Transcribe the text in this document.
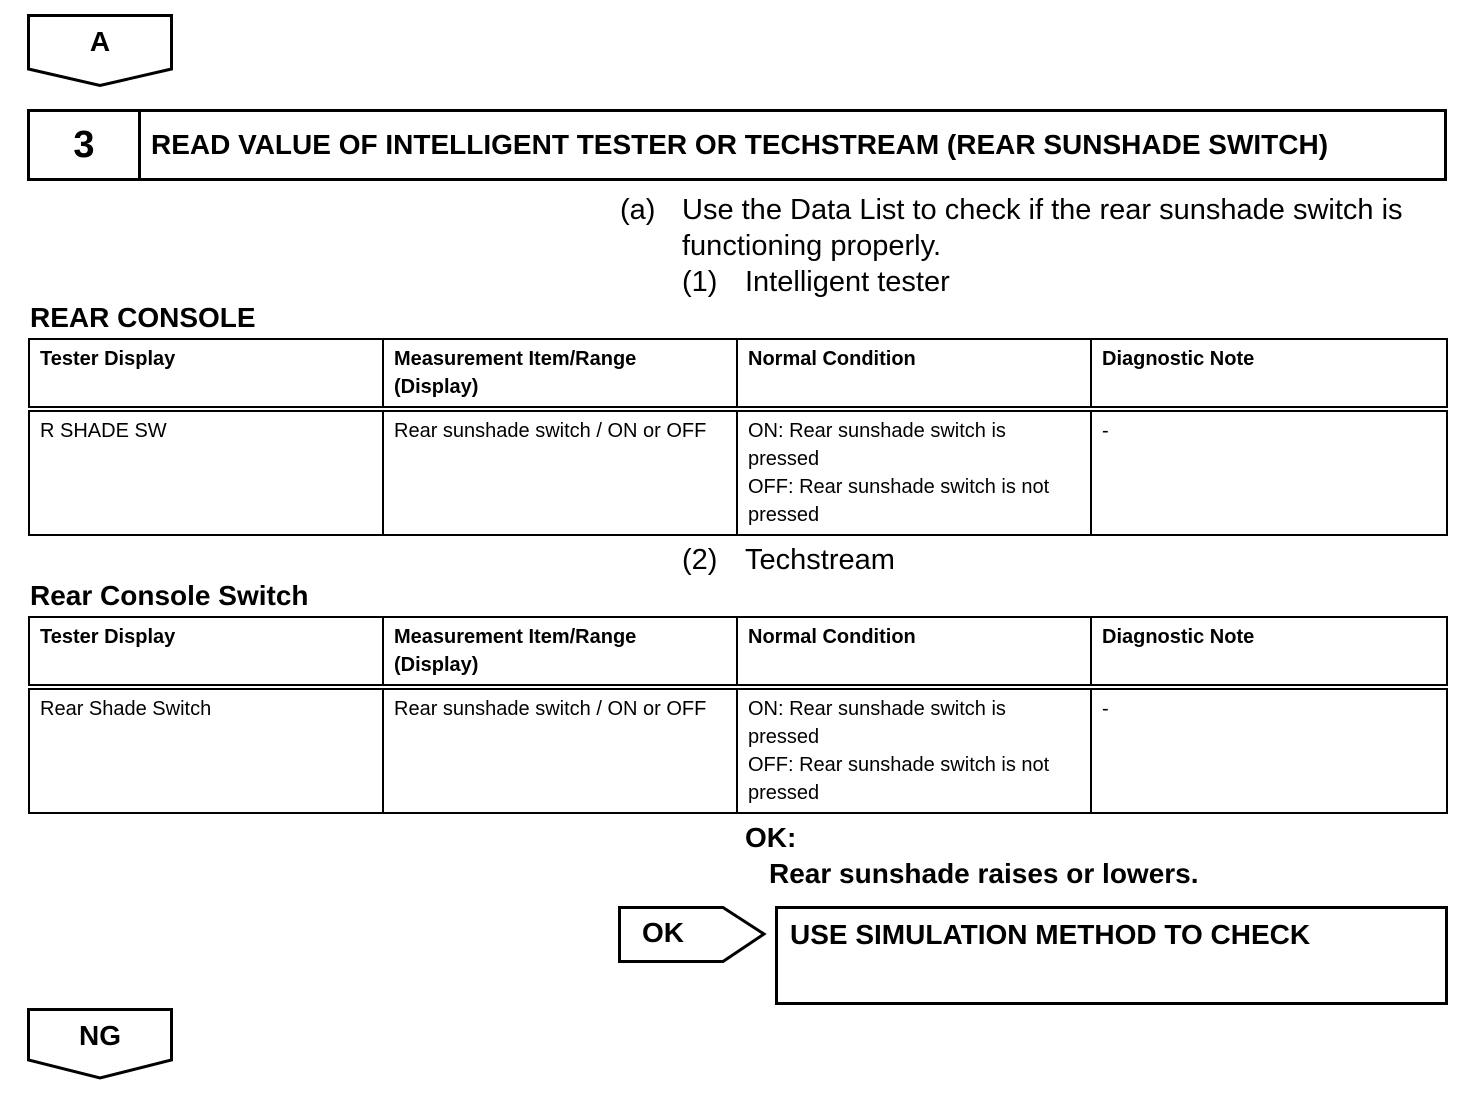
A
3	READ VALUE OF INTELLIGENT TESTER OR TECHSTREAM (REAR SUNSHADE SWITCH)
(a) Use the Data List to check if the rear sunshade switch is
functioning properly.
(1) Intelligent tester
REAR CONSOLE
Tester Display	Measurement Item/Range (Display)	Normal Condition	Diagnostic Note
R SHADE SW	Rear sunshade switch / ON or OFF	ON: Rear sunshade switch is pressed
OFF: Rear sunshade switch is not pressed	-
(2) Techstream
Rear Console Switch
Tester Display	Measurement Item/Range (Display)	Normal Condition	Diagnostic Note
Rear Shade Switch	Rear sunshade switch / ON or OFF	ON: Rear sunshade switch is pressed
OFF: Rear sunshade switch is not pressed	-
OK:
Rear sunshade raises or lowers.
OK	USE SIMULATION METHOD TO CHECK
NG
